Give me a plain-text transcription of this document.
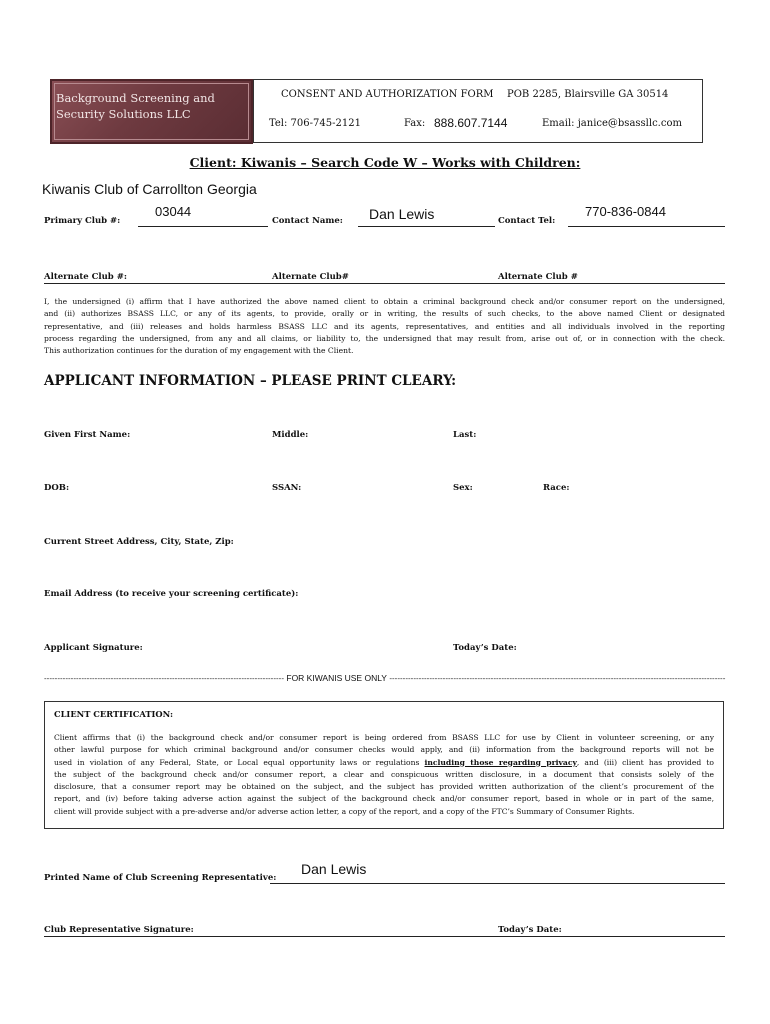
Background Screening and
Security Solutions LLC
CONSENT AND AUTHORIZATION FORM POB 2285, Blairsville GA 30514
Tel: 706-745-2121	Fax: 888.607.7144	Email: janice@bsassllc.com
Client: Kiwanis – Search Code W – Works with Children:
Kiwanis Club of Carrollton Georgia
Primary Club #:
03044
Contact Name: Dan Lewis	Contact Tel:
770-836-0844
Alternate Club #:	Alternate Club#	Alternate Club #
I, the undersigned (i) affirm that I have authorized the above named client to obtain a criminal background check and/or consumer report on the undersigned,
and (ii) authorizes BSASS LLC, or any of its agents, to provide, orally or in writing, the results of such checks, to the above named Client or designated
representative, and (iii) releases and holds harmless BSASS LLC and its agents, representatives, and entities and all individuals involved in the reporting
process regarding the undersigned, from any and all claims, or liability to, the undersigned that may result from, arise out of, or in connection with the check.
This authorization continues for the duration of my engagement with the Client.
APPLICANT INFORMATION – PLEASE PRINT CLEARY:
Given First Name:	Middle:	Last:
DOB:	SSAN:	Sex:	Race:
Current Street Address, City, State, Zip:
Email Address (to receive your screening certificate):
Applicant Signature:	Today’s Date:
------------------------------------------------------------------------------------------ FOR KIWANIS USE ONLY ------------------------------------------------------------------------------------------------------------------------------
CLIENT CERTIFICATION:
Client affirms that (i) the background check and/or consumer report is being ordered from BSASS LLC for use by Client in volunteer screening, or any
other lawful purpose for which criminal background and/or consumer checks would apply, and (ii) information from the background reports will not be
used in violation of any Federal, State, or Local equal opportunity laws or regulations including those regarding privacy, and (iii) client has provided to
the subject of the background check and/or consumer report, a clear and conspicuous written disclosure, in a document that consists solely of the
disclosure, that a consumer report may be obtained on the subject, and the subject has provided written authorization of the client’s procurement of the
report, and (iv) before taking adverse action against the subject of the background check and/or consumer report, based in whole or in part of the same,
client will provide subject with a pre-adverse and/or adverse action letter, a copy of the report, and a copy of the FTC’s Summary of Consumer Rights.
Printed Name of Club Screening Representative:
Dan Lewis
Club Representative Signature:	Today’s Date:
